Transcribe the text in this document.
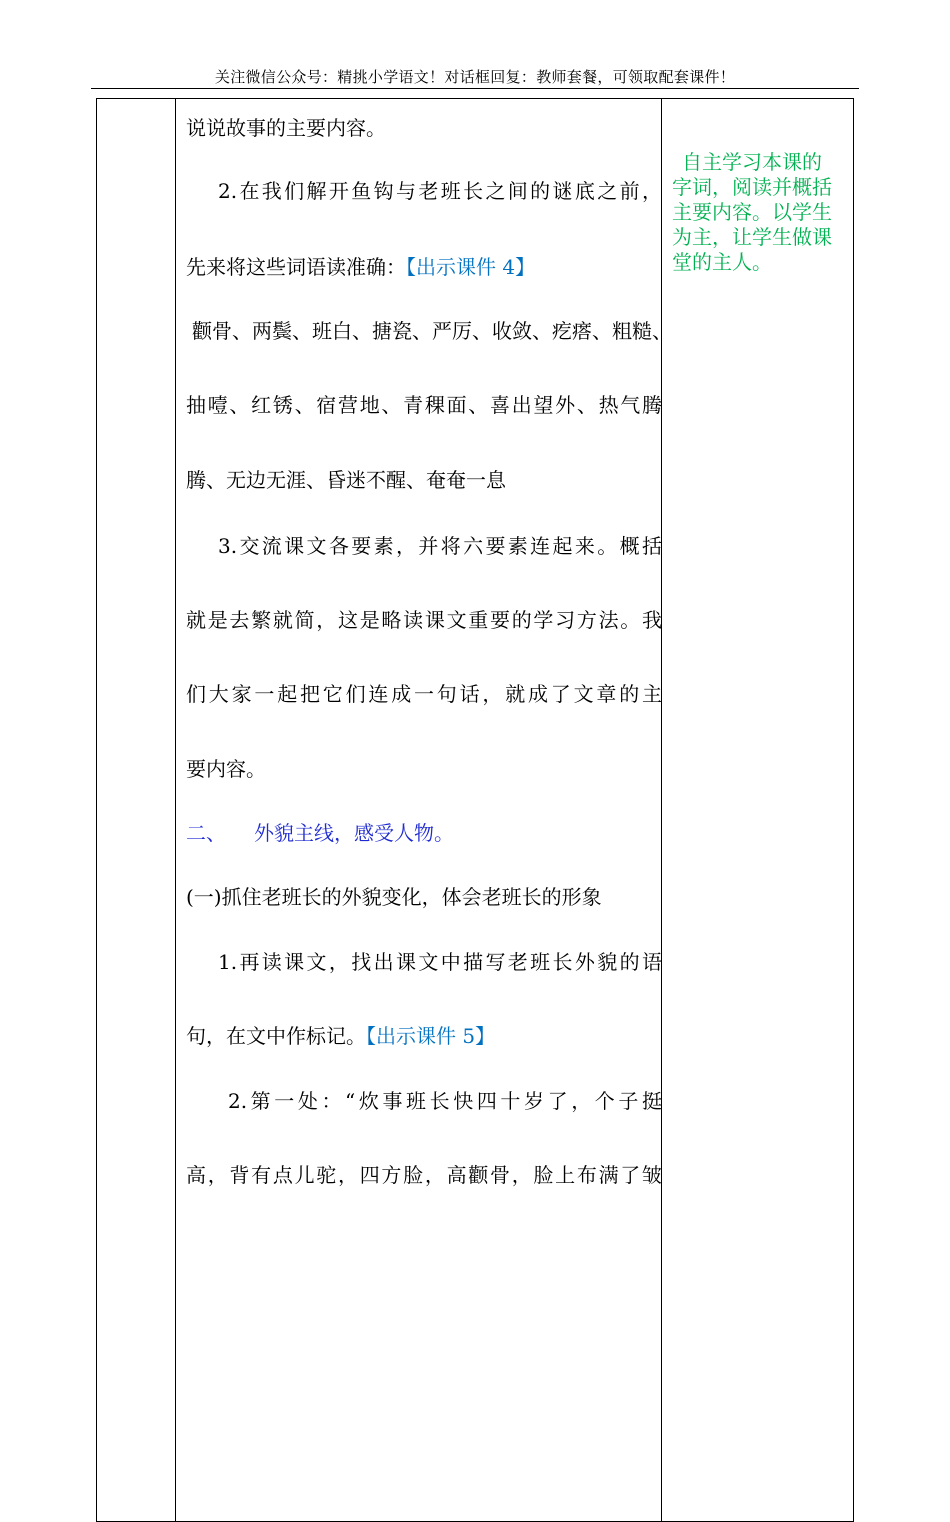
关注微信公众号：精挑小学语文！对话框回复：教师套餐，可领取配套课件！
说说故事的主要内容。
2.在我们解开鱼钩与老班长之间的谜底之前，
先来将这些词语读准确：【出示课件 4】
颧骨、两鬓、班白、搪瓷、严厉、收敛、疙瘩、粗糙、
抽噎、红锈、宿营地、青稞面、喜出望外、热气腾
腾、无边无涯、昏迷不醒、奄奄一息
3.交流课文各要素，并将六要素连起来。概括
就是去繁就简，这是略读课文重要的学习方法。我
们大家一起把它们连成一句话，就成了文章的主
要内容。
二、 外貌主线，感受人物。
(一)抓住老班长的外貌变化，体会老班长的形象
1.再读课文，找出课文中描写老班长外貌的语
句，在文中作标记。【出示课件 5】
2.第一处：“炊事班长快四十岁了，个子挺
高，背有点儿驼，四方脸，高颧骨，脸上布满了皱
自主学习本课的
字词，阅读并概括
主要内容。以学生
为主，让学生做课
堂的主人。
